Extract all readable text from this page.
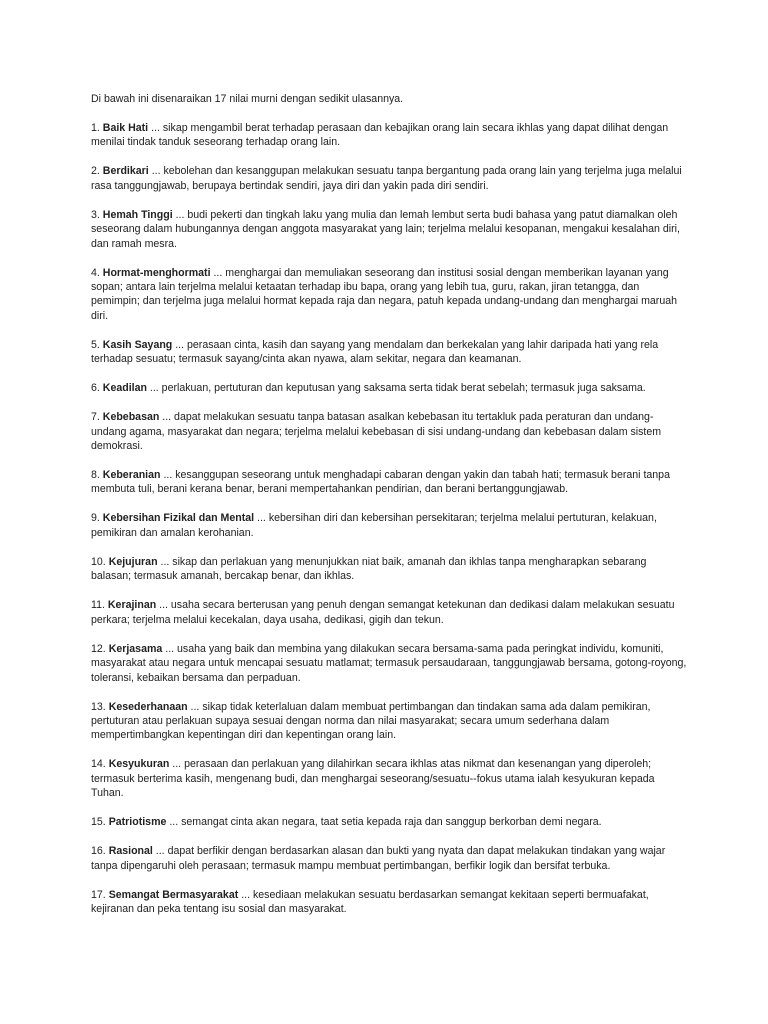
Di bawah ini disenaraikan 17 nilai murni dengan sedikit ulasannya.

1. Baik Hati ... sikap mengambil berat terhadap perasaan dan kebajikan orang lain secara ikhlas yang dapat dilihat dengan menilai tindak tanduk seseorang terhadap orang lain.

2. Berdikari ... kebolehan dan kesanggupan melakukan sesuatu tanpa bergantung pada orang lain yang terjelma juga melalui rasa tanggungjawab, berupaya bertindak sendiri, jaya diri dan yakin pada diri sendiri.

3. Hemah Tinggi ... budi pekerti dan tingkah laku yang mulia dan lemah lembut serta budi bahasa yang patut diamalkan oleh seseorang dalam hubungannya dengan anggota masyarakat yang lain; terjelma melalui kesopanan, mengakui kesalahan diri, dan ramah mesra.

4. Hormat-menghormati ... menghargai dan memuliakan seseorang dan institusi sosial dengan memberikan layanan yang sopan; antara lain terjelma melalui ketaatan terhadap ibu bapa, orang yang lebih tua, guru, rakan, jiran tetangga, dan pemimpin; dan terjelma juga melalui hormat kepada raja dan negara, patuh kepada undang-undang dan menghargai maruah diri.

5. Kasih Sayang ... perasaan cinta, kasih dan sayang yang mendalam dan berkekalan yang lahir daripada hati yang rela terhadap sesuatu; termasuk sayang/cinta akan nyawa, alam sekitar, negara dan keamanan.

6. Keadilan ... perlakuan, pertuturan dan keputusan yang saksama serta tidak berat sebelah; termasuk juga saksama.

7. Kebebasan ... dapat melakukan sesuatu tanpa batasan asalkan kebebasan itu tertakluk pada peraturan dan undang-undang agama, masyarakat dan negara; terjelma melalui kebebasan di sisi undang-undang dan kebebasan dalam sistem demokrasi.

8. Keberanian ... kesanggupan seseorang untuk menghadapi cabaran dengan yakin dan tabah hati; termasuk berani tanpa membuta tuli, berani kerana benar, berani mempertahankan pendirian, dan berani bertanggungjawab.

9. Kebersihan Fizikal dan Mental ... kebersihan diri dan kebersihan persekitaran; terjelma melalui pertuturan, kelakuan, pemikiran dan amalan kerohanian.

10. Kejujuran ... sikap dan perlakuan yang menunjukkan niat baik, amanah dan ikhlas tanpa mengharapkan sebarang balasan; termasuk amanah, bercakap benar, dan ikhlas.

11. Kerajinan ... usaha secara berterusan yang penuh dengan semangat ketekunan dan dedikasi dalam melakukan sesuatu perkara; terjelma melalui kecekalan, daya usaha, dedikasi, gigih dan tekun.

12. Kerjasama ... usaha yang baik dan membina yang dilakukan secara bersama-sama pada peringkat individu, komuniti, masyarakat atau negara untuk mencapai sesuatu matlamat; termasuk persaudaraan, tanggungjawab bersama, gotong-royong, toleransi, kebaikan bersama dan perpaduan.

13. Kesederhanaan ... sikap tidak keterlaluan dalam membuat pertimbangan dan tindakan sama ada dalam pemikiran, pertuturan atau perlakuan supaya sesuai dengan norma dan nilai masyarakat; secara umum sederhana dalam mempertimbangkan kepentingan diri dan kepentingan orang lain.

14. Kesyukuran ... perasaan dan perlakuan yang dilahirkan secara ikhlas atas nikmat dan kesenangan yang diperoleh; termasuk berterima kasih, mengenang budi, dan menghargai seseorang/sesuatu--fokus utama ialah kesyukuran kepada Tuhan.

15. Patriotisme ... semangat cinta akan negara, taat setia kepada raja dan sanggup berkorban demi negara.

16. Rasional ... dapat berfikir dengan berdasarkan alasan dan bukti yang nyata dan dapat melakukan tindakan yang wajar tanpa dipengaruhi oleh perasaan; termasuk mampu membuat pertimbangan, berfikir logik dan bersifat terbuka.

17. Semangat Bermasyarakat ... kesediaan melakukan sesuatu berdasarkan semangat kekitaan seperti bermuafakat, kejiranan dan peka tentang isu sosial dan masyarakat.
